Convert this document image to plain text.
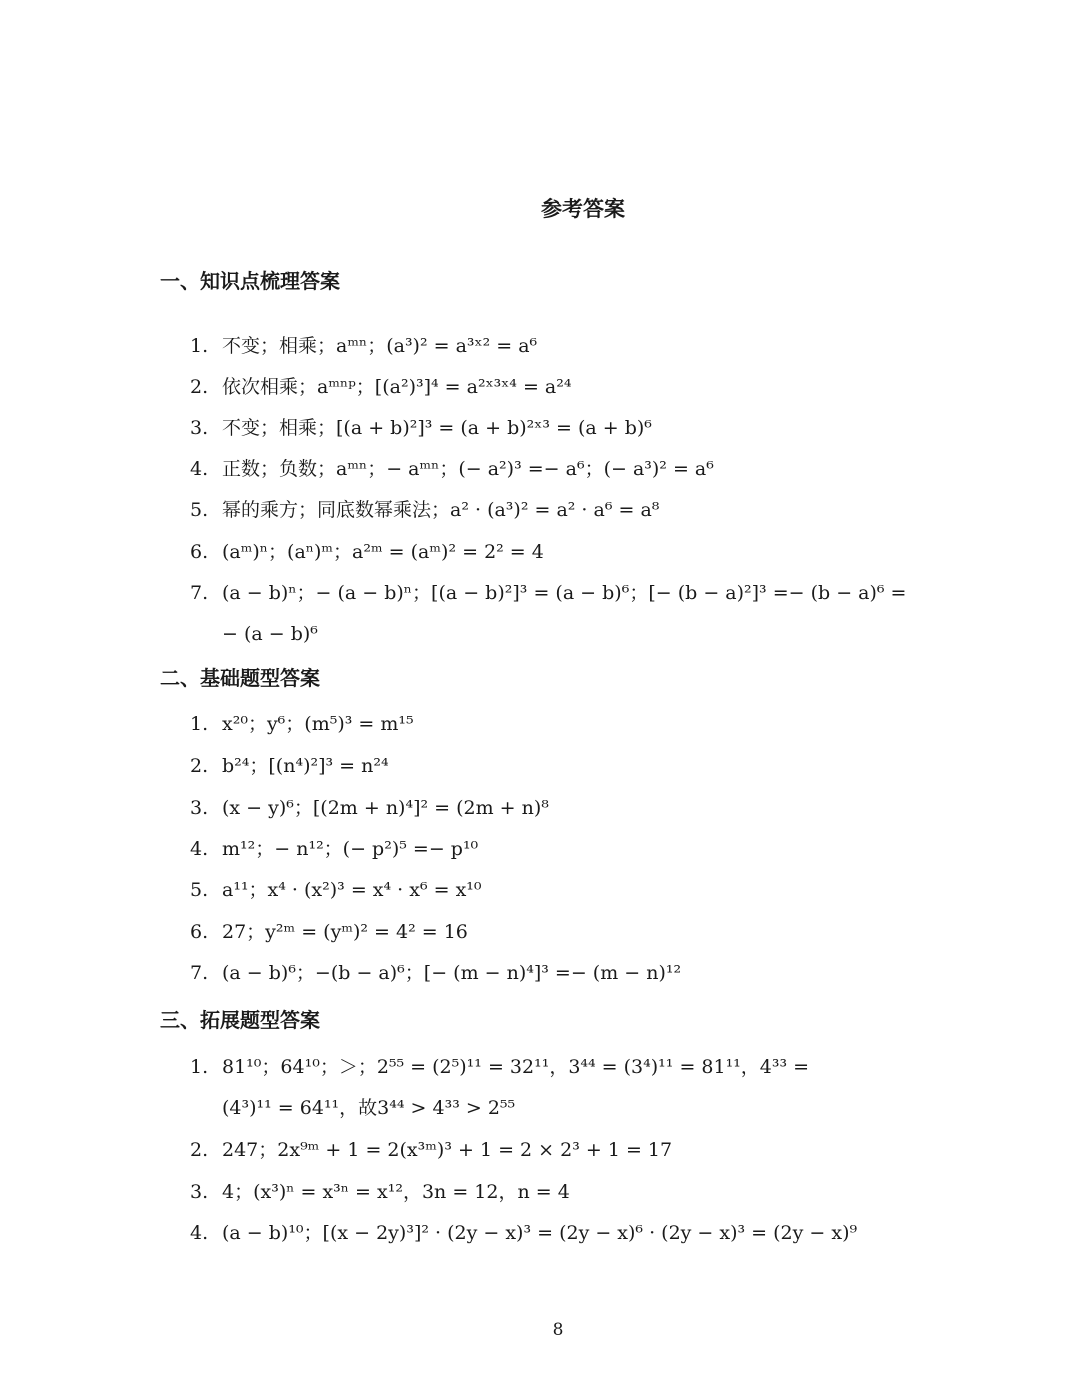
参考答案
一、知识点梳理答案
1. 不变；相乘；aᵐⁿ；(a³)² = a³ˣ² = a⁶
2. 依次相乘；aᵐⁿᵖ；[(a²)³]⁴ = a²ˣ³ˣ⁴ = a²⁴
3. 不变；相乘；[(a + b)²]³ = (a + b)²ˣ³ = (a + b)⁶
4. 正数；负数；aᵐⁿ；− aᵐⁿ；(− a²)³ =− a⁶；(− a³)² = a⁶
5. 幂的乘方；同底数幂乘法；a² · (a³)² = a² · a⁶ = a⁸
6. (aᵐ)ⁿ；(aⁿ)ᵐ；a²ᵐ = (aᵐ)² = 2² = 4
7. (a − b)ⁿ；− (a − b)ⁿ；[(a − b)²]³ = (a − b)⁶；[− (b − a)²]³ =− (b − a)⁶ =
− (a − b)⁶
二、基础题型答案
1. x²⁰；y⁶；(m⁵)³ = m¹⁵
2. b²⁴；[(n⁴)²]³ = n²⁴
3. (x − y)⁶；[(2m + n)⁴]² = (2m + n)⁸
4. m¹²；− n¹²；(− p²)⁵ =− p¹⁰
5. a¹¹；x⁴ · (x²)³ = x⁴ · x⁶ = x¹⁰
6. 27；y²ᵐ = (yᵐ)² = 4² = 16
7. (a − b)⁶；−(b − a)⁶；[− (m − n)⁴]³ =− (m − n)¹²
三、拓展题型答案
1. 81¹⁰；64¹⁰；＞；2⁵⁵ = (2⁵)¹¹ = 32¹¹，3⁴⁴ = (3⁴)¹¹ = 81¹¹，4³³ =
(4³)¹¹ = 64¹¹，故3⁴⁴ > 4³³ > 2⁵⁵
2. 247；2x⁹ᵐ + 1 = 2(x³ᵐ)³ + 1 = 2 × 2³ + 1 = 17
3. 4；(x³)ⁿ = x³ⁿ = x¹²，3n = 12，n = 4
4. (a − b)¹⁰；[(x − 2y)³]² · (2y − x)³ = (2y − x)⁶ · (2y − x)³ = (2y − x)⁹
8
